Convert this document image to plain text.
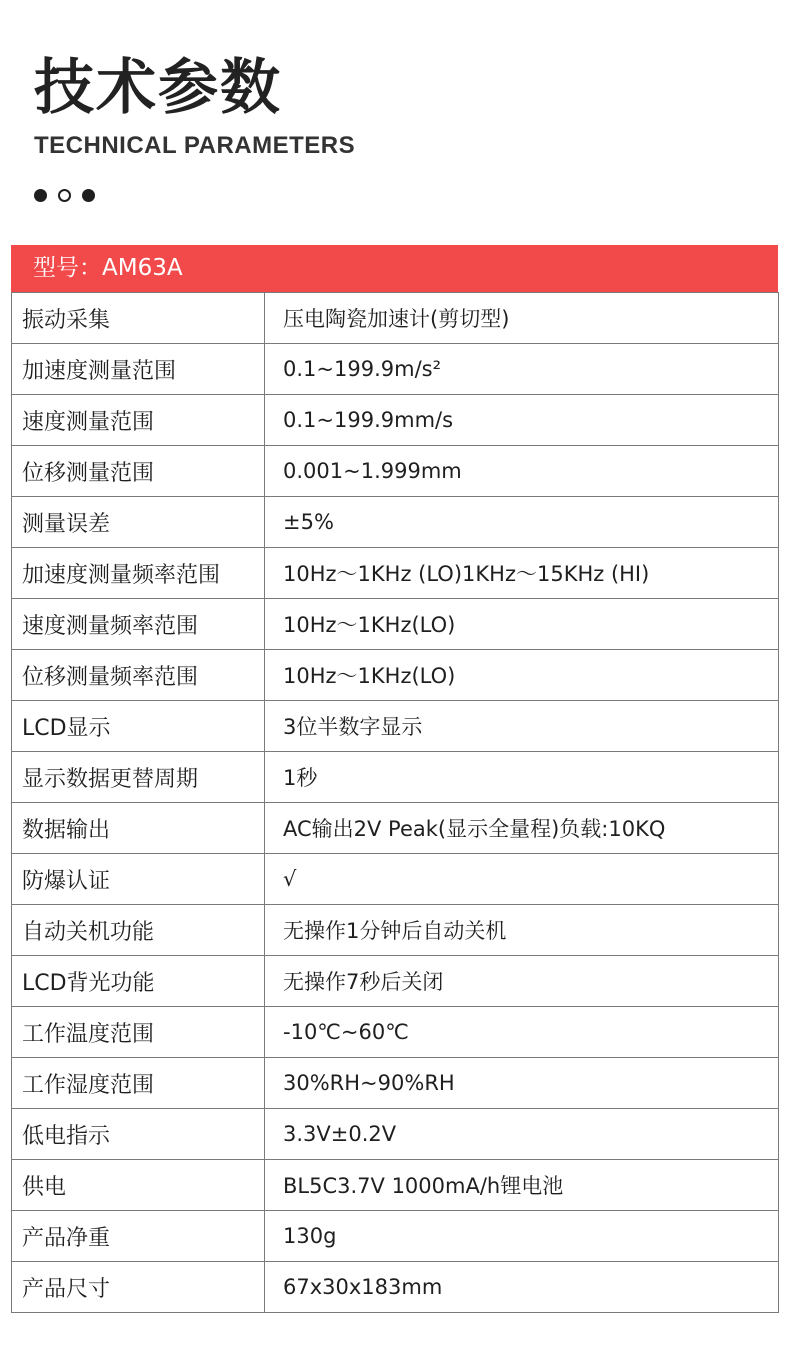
技术参数

TECHNICAL PARAMETERS

型号：AM63A
振动采集	压电陶瓷加速计(剪切型)
加速度测量范围	0.1~199.9m/s²
速度测量范围	0.1~199.9mm/s
位移测量范围	0.001~1.999mm
测量误差	±5%
加速度测量频率范围	10Hz～1KHz (LO)1KHz～15KHz (HI)
速度测量频率范围	10Hz～1KHz(LO)
位移测量频率范围	10Hz～1KHz(LO)
LCD显示	3位半数字显示
显示数据更替周期	1秒
数据输出	AC输出2V Peak(显示全量程)负载:10KQ
防爆认证	√
自动关机功能	无操作1分钟后自动关机
LCD背光功能	无操作7秒后关闭
工作温度范围	-10℃~60℃
工作湿度范围	30%RH~90%RH
低电指示	3.3V±0.2V
供电	BL5C3.7V 1000mA/h锂电池
产品净重	130g
产品尺寸	67x30x183mm
